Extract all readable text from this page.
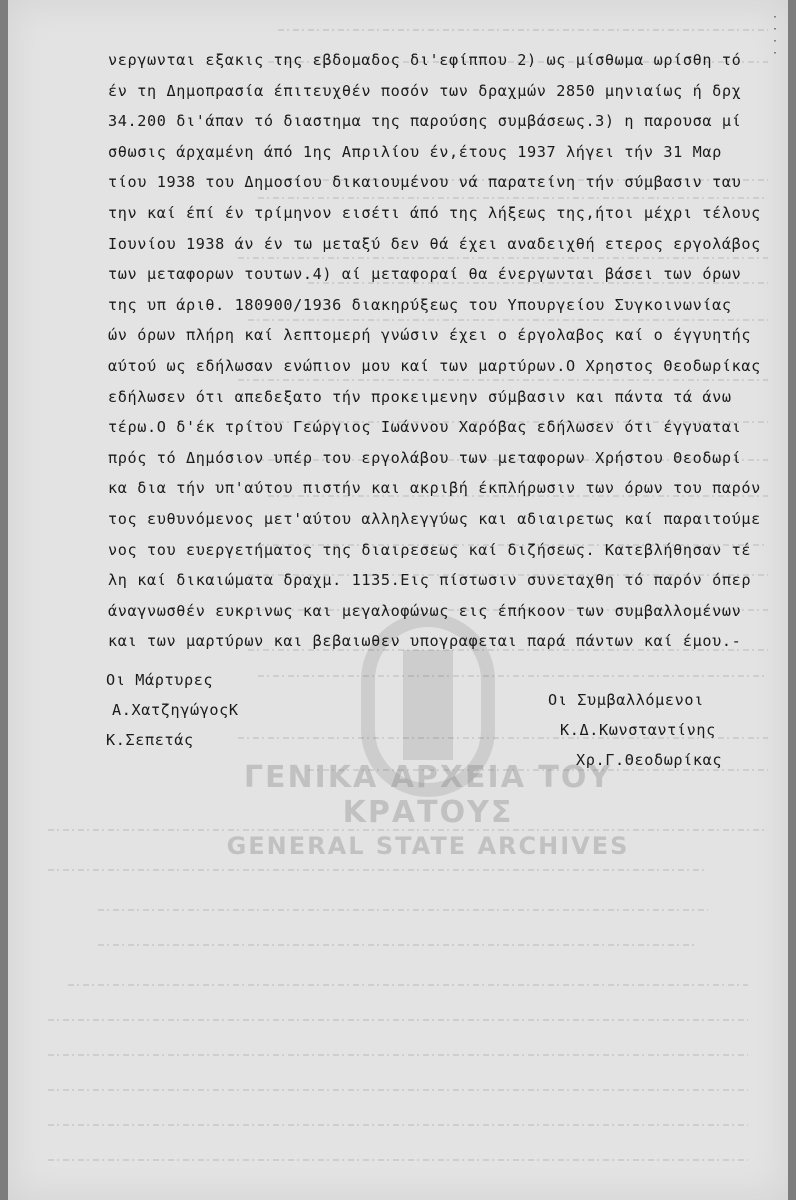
ΓΕΝΙΚΑ ΑΡΧΕΙΑ ΤΟΥ ΚΡΑΤΟΥΣ
GENERAL STATE ARCHIVES
·
·
·
·
νεργωνται εξακις της εβδομαδος δι'εφίππου 2) ως μίσθωμα ωρίσθη τό
έν τη Δημοπρασία έπιτευχθέν ποσόν των δραχμών 2850 μηνιαίως ή δρχ
34.200 δι'άπαν τό διαστημα της παρούσης συμβάσεως.3) η παρουσα μί
σθωσις άρχαμένη άπό 1ης Απριλίου έν,έτους 1937 λήγει τήν 31 Μαρ
τίου 1938 του Δημοσίου δικαιουμένου νά παρατείνη τήν σύμβασιν ταυ
την καί έπί έν τρίμηνον εισέτι άπό της λήξεως της,ήτοι μέχρι τέλους
Ιουνίου 1938 άν έν τω μεταξύ δεν θά έχει αναδειχθή ετερος εργολάβος
των μεταφορων τουτων.4) αί μεταφοραί θα ένεργωνται βάσει των όρων
της υπ άριθ. 180900/1936 διακηρύξεως του Υπουργείου Συγκοινωνίας
ών όρων πλήρη καί λεπτομερή γνώσιν έχει ο έργολαβος καί ο έγγυητής
αύτού ως εδήλωσαν ενώπιον μου καί των μαρτύρων.Ο Χρηστος Θεοδωρίκας
εδήλωσεν ότι απεδεξατο τήν προκειμενην σύμβασιν και πάντα τά άνω
τέρω.Ο δ'έκ τρίτου Γεώργιος Ιωάννου Χαρόβας εδήλωσεν ότι έγγυαται
πρός τό Δημόσιον υπέρ του εργολάβου των μεταφορων Χρήστου Θεοδωρί
κα δια τήν υπ'αύτου πιστήν και ακριβή έκπλήρωσιν των όρων του παρόν
τος ευθυνόμενος μετ'αύτου αλληλεγγύως και αδιαιρετως καί παραιτούμε
νος του ευεργετήματος της διαιρεσεως καί διζήσεως. Κατεβλήθησαν τέ
λη καί δικαιώματα δραχμ. 1135.Εις πίστωσιν συνεταχθη τό παρόν όπερ
άναγνωσθέν ευκρινως και μεγαλοφώνως εις έπήκοον των συμβαλλομένων
και των μαρτύρων και βεβαιωθεν υπογραφεται παρά πάντων καί έμου.-
Οι Μάρτυρες
Α.ΧατζηγώγοςΚ
Κ.Σεπετάς
Οι Συμβαλλόμενοι
Κ.Δ.Κωνσταντίνης
Χρ.Γ.Θεοδωρίκας
